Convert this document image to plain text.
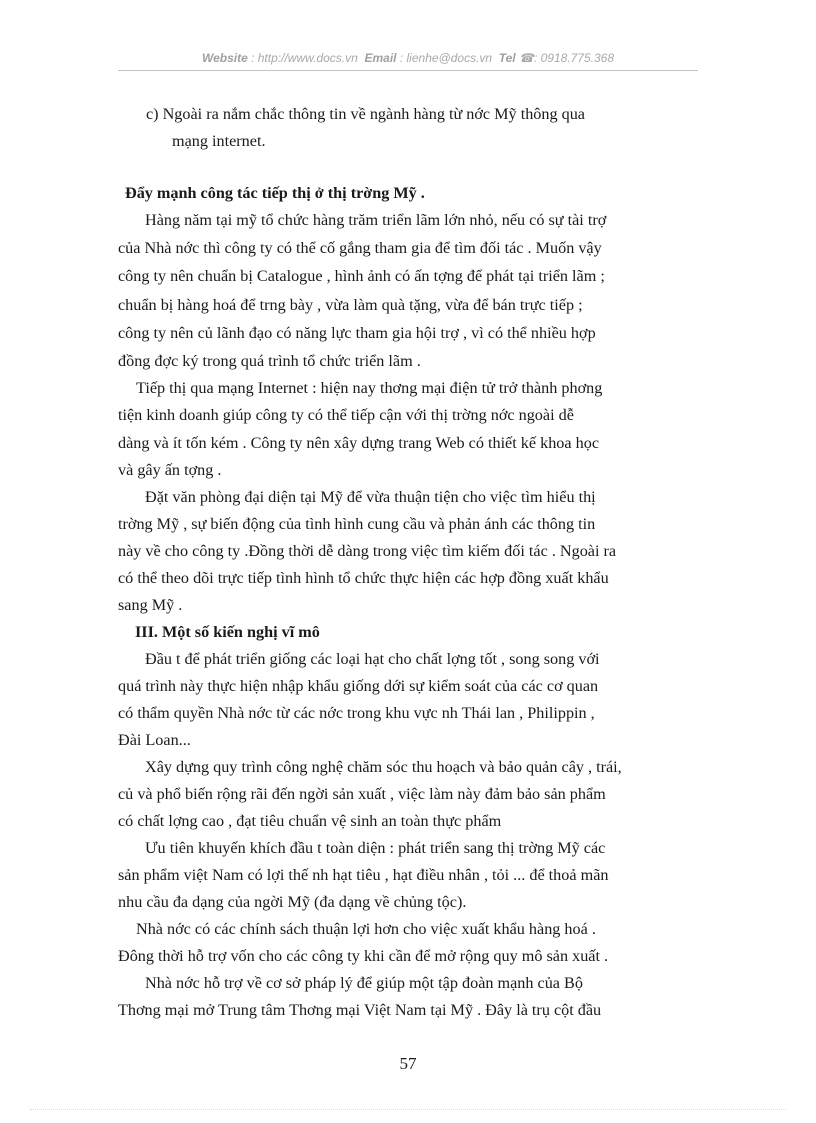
Website : http://www.docs.vn Email : lienhe@docs.vn Tel ☎: 0918.775.368
c) Ngoài ra nắm chắc thông tin về ngành hàng từ nớc Mỹ thông qua
mạng internet.
Đẩy mạnh công tác tiếp thị ở thị trờng Mỹ .
Hàng năm tại mỹ tổ chức hàng trăm triển lãm lớn nhỏ, nếu có sự tài trợ
của Nhà nớc thì công ty có thể cố gắng tham gia để tìm đối tác . Muốn vậy
công ty nên chuẩn bị Catalogue , hình ảnh có ấn tợng để phát tại triển lãm ;
chuẩn bị hàng hoá để trng bày , vừa làm quà tặng, vừa để bán trực tiếp ;
công ty nên củ lãnh đạo có năng lực tham gia hội trợ , vì có thể nhiều hợp
đồng đợc ký trong quá trình tổ chức triển lãm .
Tiếp thị qua mạng Internet : hiện nay thơng mại điện tử trở thành phơng
tiện kinh doanh giúp công ty có thể tiếp cận với thị trờng nớc ngoài dễ
dàng và ít tốn kém . Công ty nên xây dựng trang Web có thiết kế khoa học
và gây ấn tợng .
Đặt văn phòng đại diện tại Mỹ để vừa thuận tiện cho việc tìm hiểu thị
trờng Mỹ , sự biến động của tình hình cung cầu và phản ánh các thông tin
này về cho công ty .Đồng thời dễ dàng trong việc tìm kiếm đối tác . Ngoài ra
có thể theo dõi trực tiếp tình hình tổ chức thực hiện các hợp đồng xuất khẩu
sang Mỹ .
III. Một số kiến nghị vĩ mô
Đầu t để phát triển giống các loại hạt cho chất lợng tốt , song song với
quá trình này thực hiện nhập khẩu giống dới sự kiểm soát của các cơ quan
có thẩm quyền Nhà nớc từ các nớc trong khu vực nh Thái lan , Philippin ,
Đài Loan...
Xây dựng quy trình công nghệ chăm sóc thu hoạch và bảo quản cây , trái,
củ và phổ biến rộng rãi đến ngời sản xuất , việc làm này đảm bảo sản phẩm
có chất lợng cao , đạt tiêu chuẩn vệ sinh an toàn thực phẩm
Ưu tiên khuyến khích đầu t toàn diện : phát triển sang thị trờng Mỹ các
sản phẩm việt Nam có lợi thế nh hạt tiêu , hạt điều nhân , tỏi ... để thoả mãn
nhu cầu đa dạng của ngời Mỹ (đa dạng về chủng tộc).
Nhà nớc có các chính sách thuận lợi hơn cho việc xuất khẩu hàng hoá .
Đông thời hỗ trợ vốn cho các công ty khi cần để mở rộng quy mô sản xuất .
Nhà nớc hỗ trợ về cơ sở pháp lý để giúp một tập đoàn mạnh của Bộ
Thơng mại mở Trung tâm Thơng mại Việt Nam tại Mỹ . Đây là trụ cột đầu
57
